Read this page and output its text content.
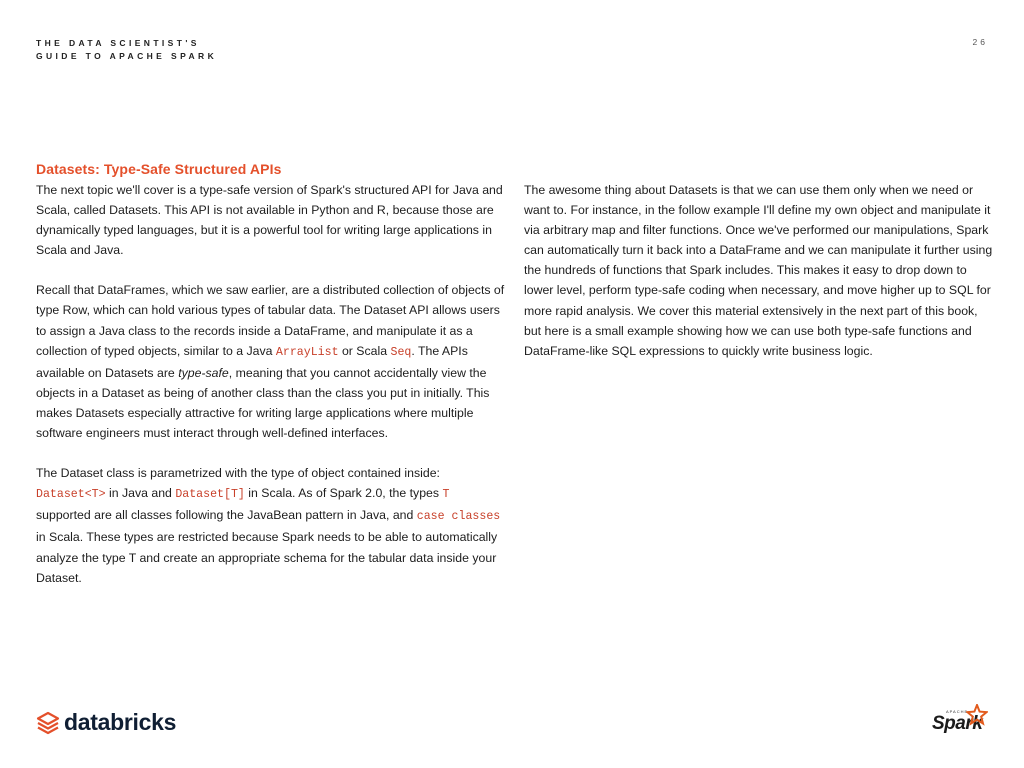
THE DATA SCIENTIST'S
GUIDE TO APACHE SPARK
26
Datasets: Type-Safe Structured APIs

The next topic we'll cover is a type-safe version of Spark's structured API for Java and Scala, called Datasets. This API is not available in Python and R, because those are dynamically typed languages, but it is a powerful tool for writing large applications in Scala and Java.

Recall that DataFrames, which we saw earlier, are a distributed collection of objects of type Row, which can hold various types of tabular data. The Dataset API allows users to assign a Java class to the records inside a DataFrame, and manipulate it as a collection of typed objects, similar to a Java ArrayList or Scala Seq. The APIs available on Datasets are type-safe, meaning that you cannot accidentally view the objects in a Dataset as being of another class than the class you put in initially. This makes Datasets especially attractive for writing large applications where multiple software engineers must interact through well-defined interfaces.

The Dataset class is parametrized with the type of object contained inside: Dataset<T> in Java and Dataset[T] in Scala. As of Spark 2.0, the types T supported are all classes following the JavaBean pattern in Java, and case classes in Scala. These types are restricted because Spark needs to be able to automatically analyze the type T and create an appropriate schema for the tabular data inside your Dataset.

The awesome thing about Datasets is that we can use them only when we need or want to. For instance, in the follow example I'll define my own object and manipulate it via arbitrary map and filter functions. Once we've performed our manipulations, Spark can automatically turn it back into a DataFrame and we can manipulate it further using the hundreds of functions that Spark includes. This makes it easy to drop down to lower level, perform type-safe coding when necessary, and move higher up to SQL for more rapid analysis. We cover this material extensively in the next part of this book, but here is a small example showing how we can use both type-safe functions and DataFrame-like SQL expressions to quickly write business logic.

databricks	APACHE
Spark
